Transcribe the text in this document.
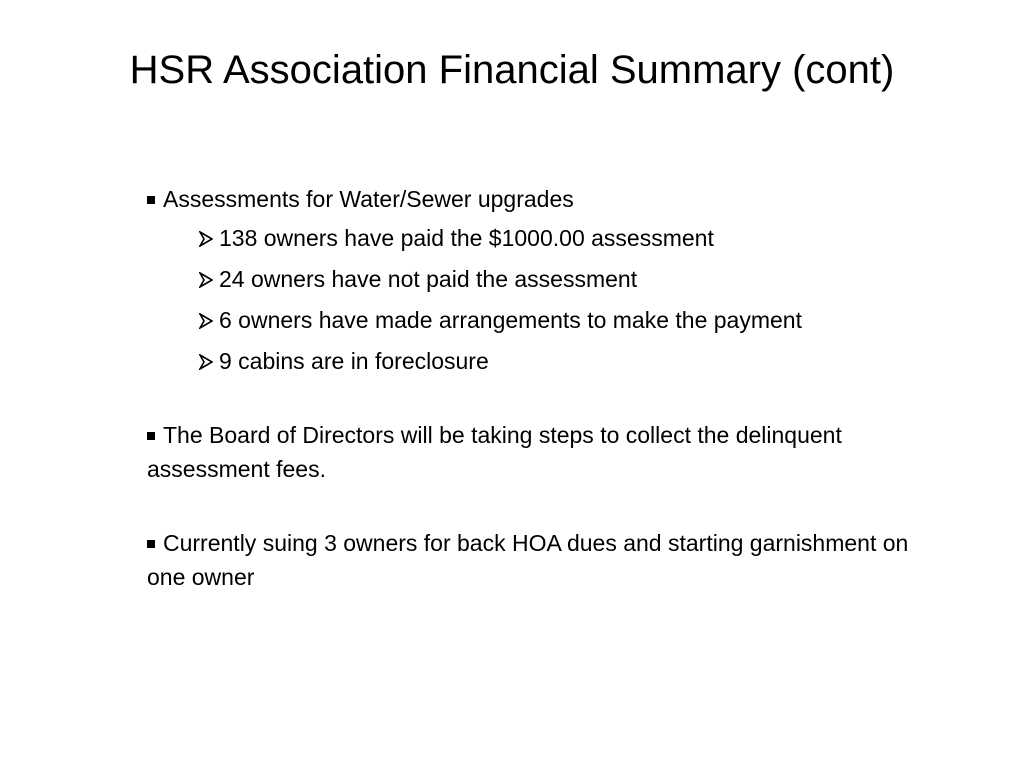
HSR Association Financial Summary (cont)
Assessments for Water/Sewer upgrades
138 owners have paid the $1000.00 assessment
24 owners have not paid the assessment
6 owners have made arrangements to make the payment
9 cabins are in foreclosure
The Board of Directors will be taking steps to collect the delinquent assessment fees.
Currently suing 3 owners for back HOA dues and starting garnishment on one owner
